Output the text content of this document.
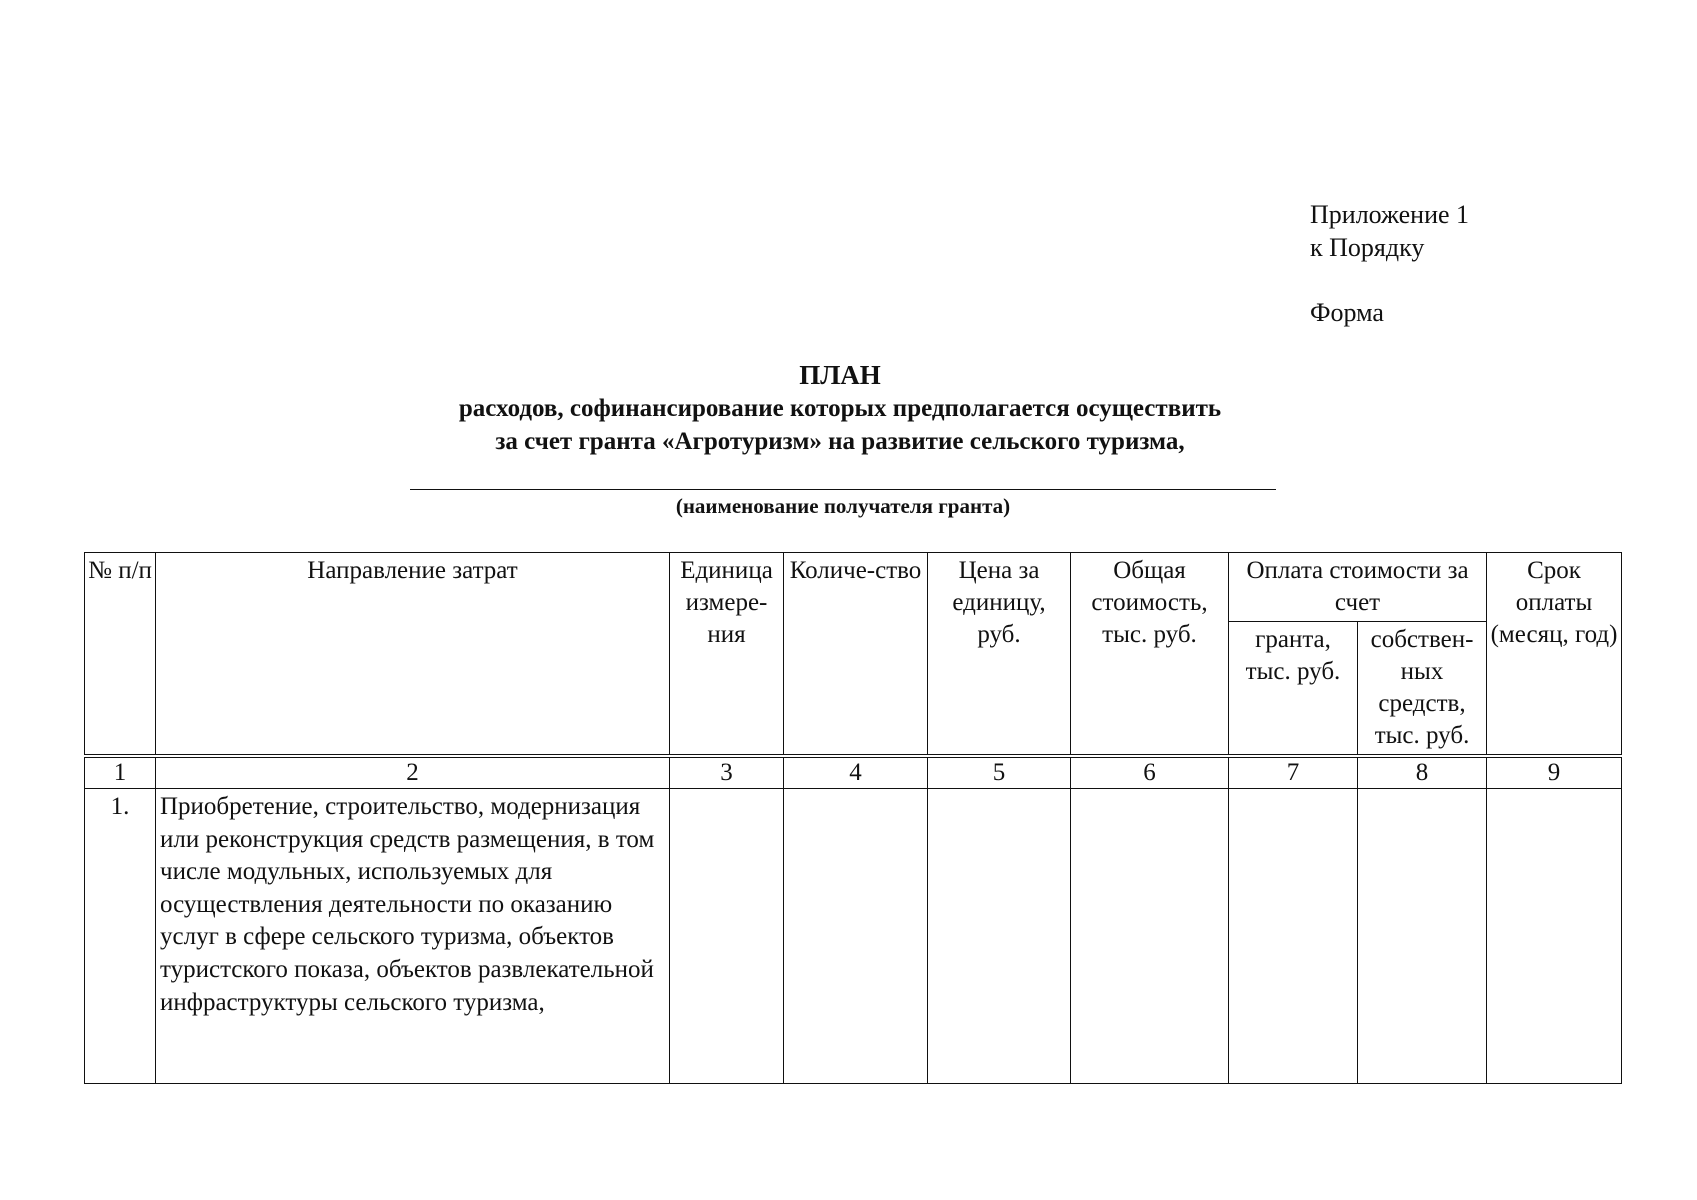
Приложение 1
к Порядку
Форма
ПЛАН
расходов, софинансирование которых предполагается осуществить
за счет гранта «Агротуризм» на развитие сельского туризма,
(наименование получателя гранта)
№ п/п	Направление затрат	Единица измере-ния	Количе-ство	Цена за единицу, руб.	Общая стоимость, тыс. руб.	Оплата стоимости за счет		Срок оплаты (месяц, год)
						гранта, тыс. руб.	собствен-ных средств, тыс. руб.	
1	2	3	4	5	6	7	8	9
1.	Приобретение, строительство, модернизация или реконструкция средств размещения, в том числе модульных, используемых для осуществления деятельности по оказанию услуг в сфере сельского туризма, объектов туристского показа, объектов развлекательной инфраструктуры сельского туризма,							
